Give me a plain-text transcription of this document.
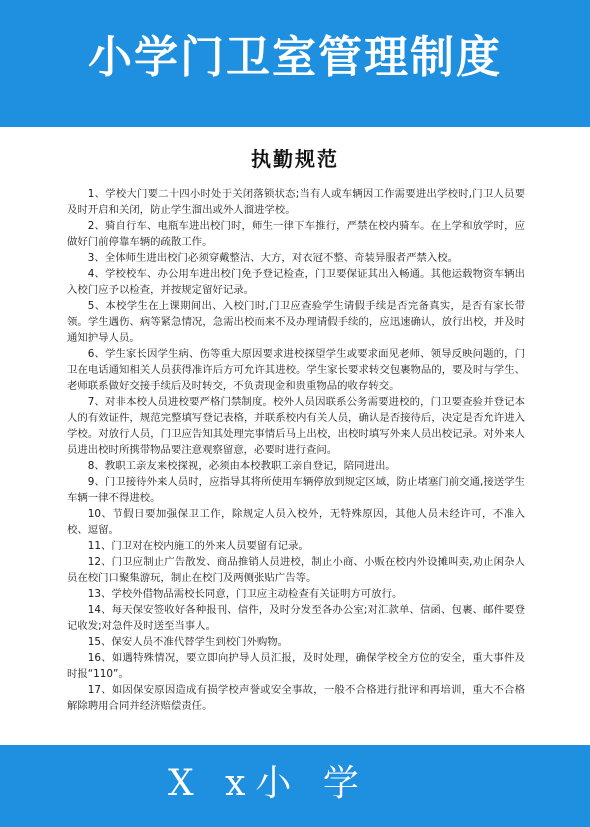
小学门卫室管理制度
执勤规范

1、学校大门要二十四小时处于关闭落锁状态;当有人或车辆因工作需要进出学校时,门卫人员要及时开启和关闭，防止学生溜出或外人溜进学校。

2、骑自行车、电瓶车进出校门时，师生一律下车推行，严禁在校内骑车。在上学和放学时，应做好门前停靠车辆的疏散工作。

3、全体师生进出校门必须穿戴整洁、大方，对衣冠不整、奇装异服者严禁入校。

4、学校校车、办公用车进出校门免予登记检查，门卫要保证其出入畅通。其他运载物资车辆出入校门应予以检查，并按规定留好记录。

5、本校学生在上课期间出、入校门时,门卫应查验学生请假手续是否完备真实，是否有家长带领。学生遇伤、病等紧急情况，急需出校而来不及办理请假手续的，应迅速确认，放行出校，并及时通知护导人员。

6、学生家长因学生病、伤等重大原因要求进校探望学生或要求面见老师、领导反映问题的，门卫在电话通知相关人员获得准许后方可允许其进校。学生家长要求转交包裹物品的，要及时与学生、老师联系做好交接手续后及时转交，不负责现金和贵重物品的收存转交。

7、对非本校人员进校要严格门禁制度。校外人员因联系公务需要进校的，门卫要查验并登记本人的有效证件，规范完整填写登记表格，并联系校内有关人员，确认是否接待后，决定是否允许进入学校。对放行人员，门卫应告知其处理完事情后马上出校，出校时填写外来人员出校记录。对外来人员进出校时所携带物品要注意观察留意，必要时进行查问。

8、教职工亲友来校探视，必须由本校教职工亲自登记，陪同进出。

9、门卫接待外来人员时，应指导其将所使用车辆停放到规定区域，防止堵塞门前交通,接送学生车辆一律不得进校。

10、节假日要加强保卫工作，除规定人员入校外，无特殊原因，其他人员未经许可，不准入校、逗留。

11、门卫对在校内施工的外来人员要留有记录。

12、门卫应制止广告散发、商品推销人员进校，制止小商、小贩在校内外设摊叫卖,劝止闲杂人员在校门口聚集游玩，制止在校门及两侧张贴广告等。

13、学校外借物品需校长同意，门卫应主动检查有关证明方可放行。

14、每天保安签收好各种报刊、信件，及时分发至各办公室;对汇款单、信函、包裹、邮件要登记收发;对急件及时送至当事人。

15、保安人员不准代替学生到校门外购物。

16、如遇特殊情况，要立即向护导人员汇报，及时处理，确保学校全方位的安全，重大事件及时报“110”。

17、如因保安原因造成有损学校声誉或安全事故，一般不合格进行批评和再培训，重大不合格解除聘用合同并经济赔偿责任。

X x小 学
